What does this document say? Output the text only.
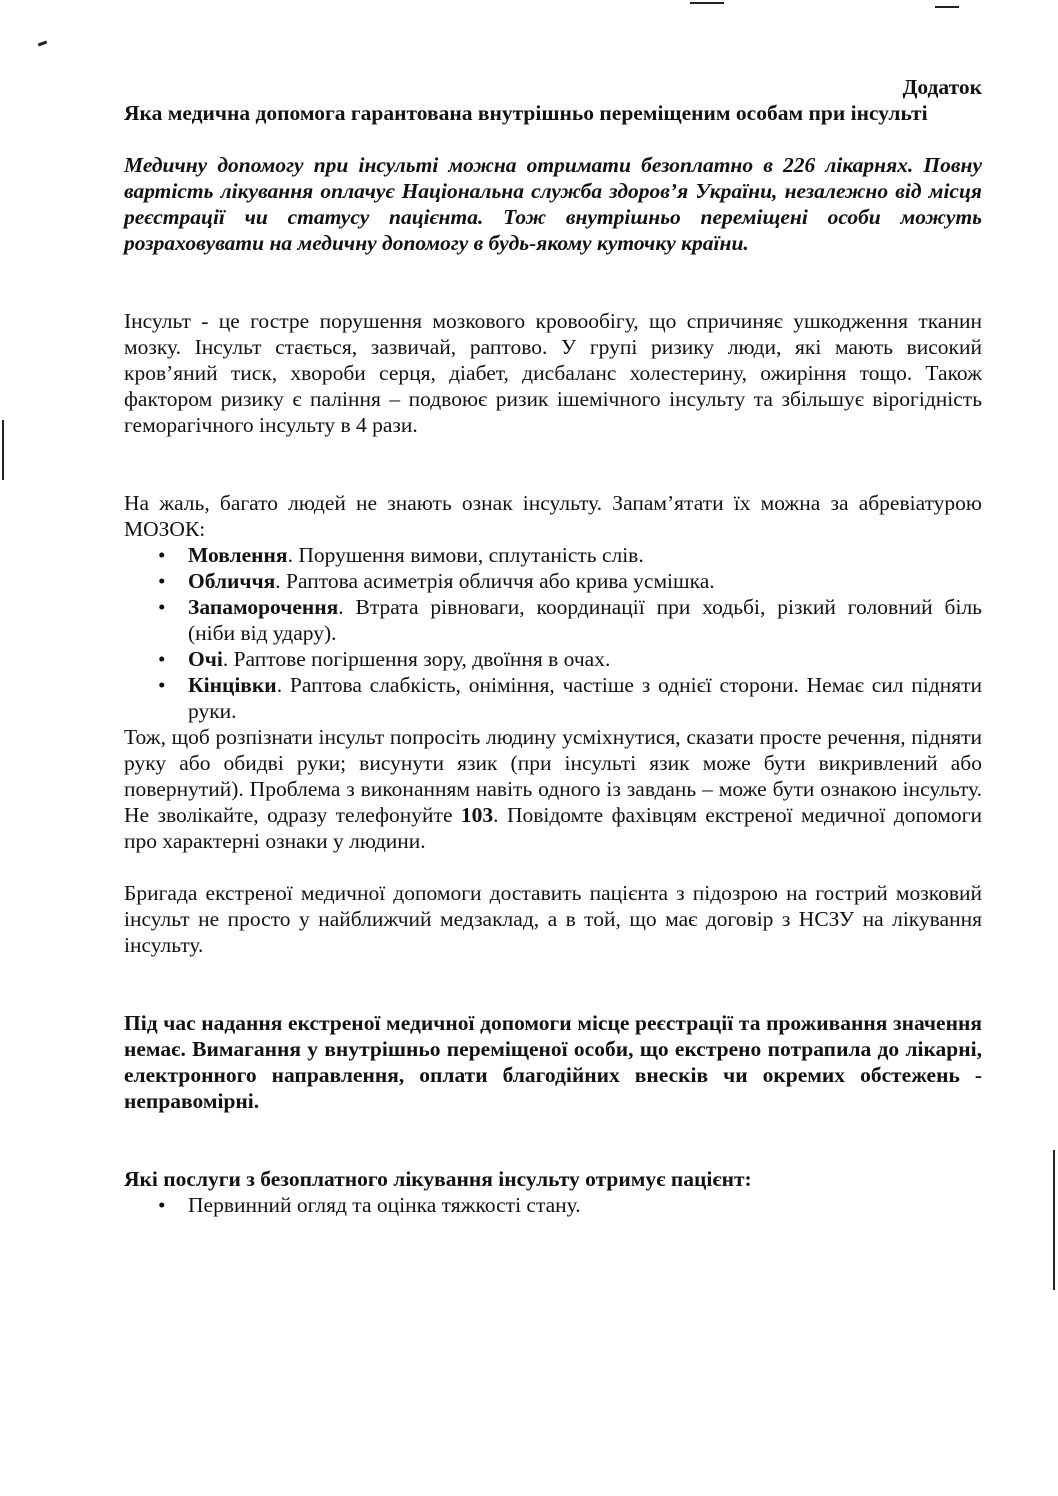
Додаток

Яка медична допомога гарантована внутрішньо переміщеним особам при інсульті

Медичну допомогу при інсульті можна отримати безоплатно в 226 лікарнях. Повну вартість лікування оплачує Національна служба здоров’я України, незалежно від місця реєстрації чи статусу пацієнта. Тож внутрішньо переміщені особи можуть розраховувати на медичну допомогу в будь-якому куточку країни.

Інсульт - це гостре порушення мозкового кровообігу, що спричиняє ушкодження тканин мозку. Інсульт стається, зазвичай, раптово. У групі ризику люди, які мають високий кров’яний тиск, хвороби серця, діабет, дисбаланс холестерину, ожиріння тощо. Також фактором ризику є паління – подвоює ризик ішемічного інсульту та збільшує вірогідність геморагічного інсульту в 4 рази.

На жаль, багато людей не знають ознак інсульту. Запам’ятати їх можна за абревіатурою МОЗОК:

• Мовлення. Порушення вимови, сплутаність слів.
• Обличчя. Раптова асиметрія обличчя або крива усмішка.
• Запаморочення. Втрата рівноваги, координації при ходьбі, різкий головний біль (ніби від удару).
• Очі. Раптове погіршення зору, двоїння в очах.
• Кінцівки. Раптова слабкість, оніміння, частіше з однієї сторони. Немає сил підняти руки.

Тож, щоб розпізнати інсульт попросіть людину усміхнутися, сказати просте речення, підняти руку або обидві руки; висунути язик (при інсульті язик може бути викривлений або повернутий). Проблема з виконанням навіть одного із завдань – може бути ознакою інсульту. Не зволікайте, одразу телефонуйте 103. Повідомте фахівцям екстреної медичної допомоги про характерні ознаки у людини.

Бригада екстреної медичної допомоги доставить пацієнта з підозрою на гострий мозковий інсульт не просто у найближчий медзаклад, а в той, що має договір з НСЗУ на лікування інсульту.

Під час надання екстреної медичної допомоги місце реєстрації та проживання значення немає. Вимагання у внутрішньо переміщеної особи, що екстрено потрапила до лікарні, електронного направлення, оплати благодійних внесків чи окремих обстежень - неправомірні.

Які послуги з безоплатного лікування інсульту отримує пацієнт:

• Первинний огляд та оцінка тяжкості стану.
